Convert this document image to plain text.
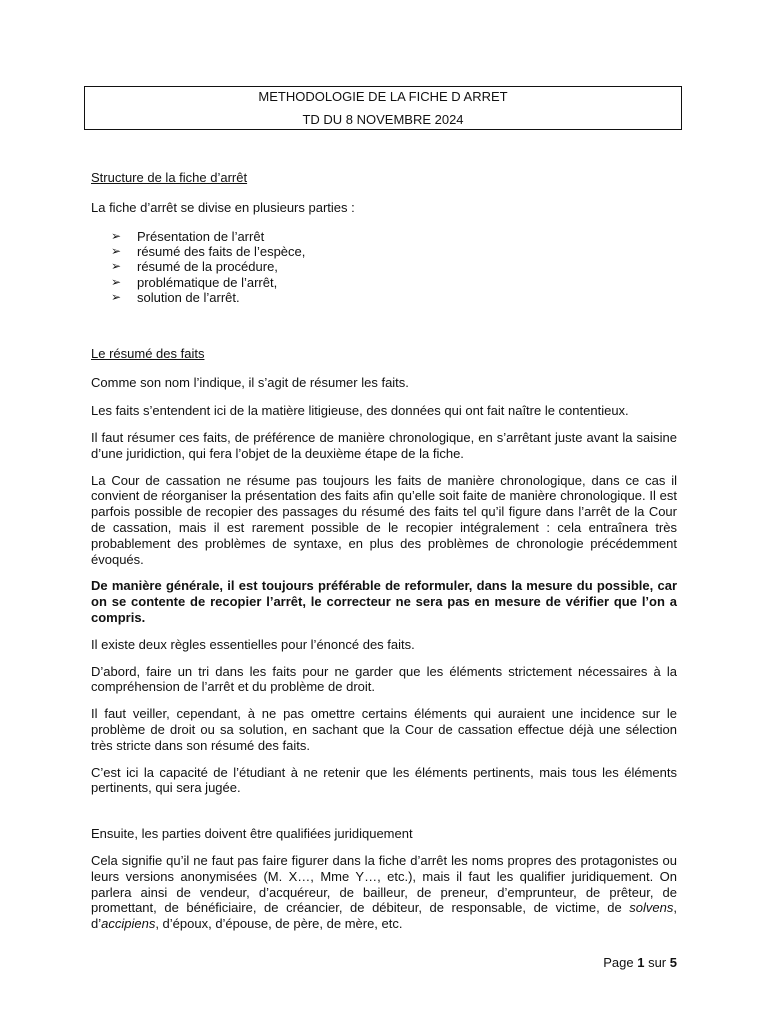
METHODOLOGIE DE LA FICHE D ARRET
TD DU 8 NOVEMBRE 2024

Structure de la fiche d’arrêt

La fiche d’arrêt se divise en plusieurs parties :

➢ Présentation de l’arrêt
➢ résumé des faits de l’espèce,
➢ résumé de la procédure,
➢ problématique de l’arrêt,
➢ solution de l’arrêt.

Le résumé des faits

Comme son nom l’indique, il s’agit de résumer les faits.

Les faits s’entendent ici de la matière litigieuse, des données qui ont fait naître le contentieux.

Il faut résumer ces faits, de préférence de manière chronologique, en s’arrêtant juste avant la saisine d’une juridiction, qui fera l’objet de la deuxième étape de la fiche.

La Cour de cassation ne résume pas toujours les faits de manière chronologique, dans ce cas il convient de réorganiser la présentation des faits afin qu’elle soit faite de manière chronologique. Il est parfois possible de recopier des passages du résumé des faits tel qu’il figure dans l’arrêt de la Cour de cassation, mais il est rarement possible de le recopier intégralement : cela entraînera très probablement des problèmes de syntaxe, en plus des problèmes de chronologie précédemment évoqués.

De manière générale, il est toujours préférable de reformuler, dans la mesure du possible, car on se contente de recopier l’arrêt, le correcteur ne sera pas en mesure de vérifier que l’on a compris.

Il existe deux règles essentielles pour l’énoncé des faits.

D’abord, faire un tri dans les faits pour ne garder que les éléments strictement nécessaires à la compréhension de l’arrêt et du problème de droit.

Il faut veiller, cependant, à ne pas omettre certains éléments qui auraient une incidence sur le problème de droit ou sa solution, en sachant que la Cour de cassation effectue déjà une sélection très stricte dans son résumé des faits.

C’est ici la capacité de l’étudiant à ne retenir que les éléments pertinents, mais tous les éléments pertinents, qui sera jugée.

Ensuite, les parties doivent être qualifiées juridiquement

Cela signifie qu’il ne faut pas faire figurer dans la fiche d’arrêt les noms propres des protagonistes ou leurs versions anonymisées (M. X…, Mme Y…, etc.), mais il faut les qualifier juridiquement. On parlera ainsi de vendeur, d’acquéreur, de bailleur, de preneur, d’emprunteur, de prêteur, de promettant, de bénéficiaire, de créancier, de débiteur, de responsable, de victime, de solvens, d’accipiens, d’époux, d’épouse, de père, de mère, etc.

Page 1 sur 5
